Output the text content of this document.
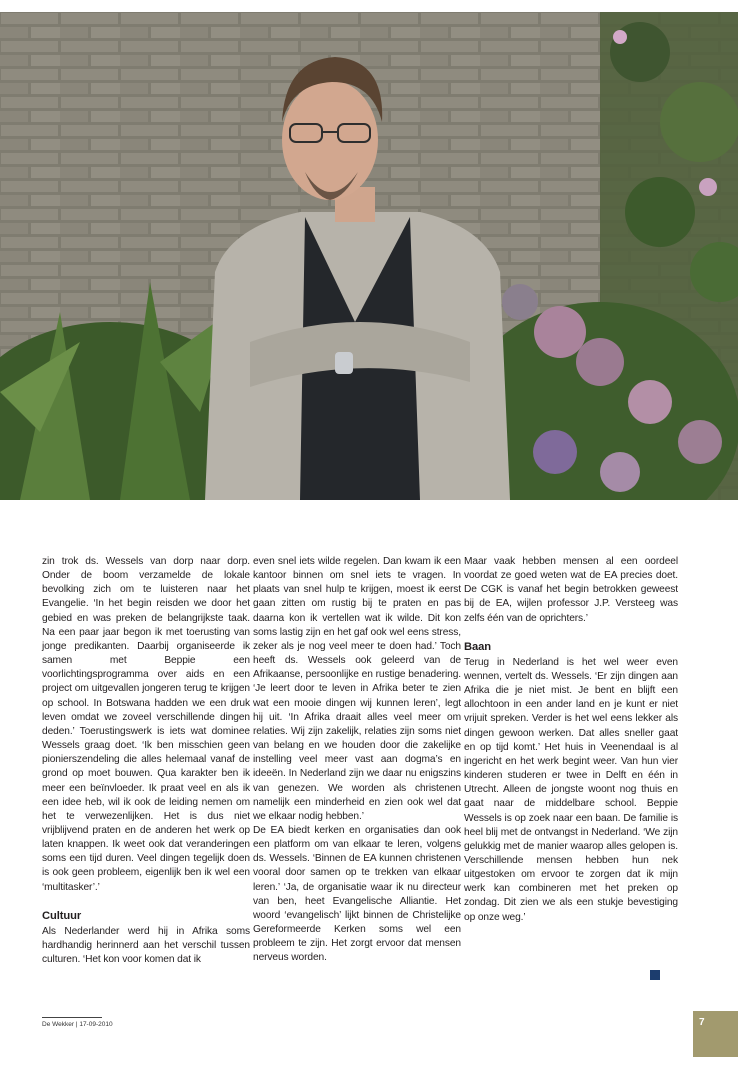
zin trok ds. Wessels van dorp naar dorp. Onder de boom verzamelde de lokale bevolking zich om te luisteren naar het Evangelie. ‘In het begin reisden we door het gebied en was preken de belangrijkste taak. Na een paar jaar begon ik met toerusting van jonge predikanten. Daarbij organiseerde ik samen met Beppie een voorlichtingsprogramma over aids en een project om uitgevallen jongeren terug te krijgen op school. In Botswana hadden we een druk leven omdat we zoveel verschillende dingen deden.’ Toerustingswerk is iets wat dominee Wessels graag doet. ‘Ik ben misschien geen pionierszendeling die alles helemaal vanaf de grond op moet bouwen. Qua karakter ben ik meer een beïnvloeder. Ik praat veel en als ik een idee heb, wil ik ook de leiding nemen om het te verwezenlijken. Het is dus niet vrijblijvend praten en de anderen het werk op laten knappen. Ik weet ook dat veranderingen soms een tijd duren. Veel dingen tegelijk doen is ook geen probleem, eigenlijk ben ik wel een ‘multitasker’.’

Cultuur

Als Nederlander werd hij in Afrika soms hardhandig herinnerd aan het verschil tussen culturen. ‘Het kon voor komen dat ik

even snel iets wilde regelen. Dan kwam ik een kantoor binnen om snel iets te vragen. In plaats van snel hulp te krijgen, moest ik eerst gaan zitten om rustig bij te praten en pas daarna kon ik vertellen wat ik wilde. Dit kon soms lastig zijn en het gaf ook wel eens stress, zeker als je nog veel meer te doen had.’ Toch heeft ds. Wessels ook geleerd van de Afrikaanse, persoonlijke en rustige benadering. ‘Je leert door te leven in Afrika beter te zien wat een mooie dingen wij kunnen leren’, legt hij uit. ‘In Afrika draait alles veel meer om relaties. Wij zijn zakelijk, relaties zijn soms niet van belang en we houden door die zakelijke instelling veel meer vast aan dogma’s en ideeën. In Nederland zijn we daar nu enigszins van genezen. We worden als christenen namelijk een minderheid en zien ook wel dat we elkaar nodig hebben.’

De EA biedt kerken en organisaties dan ook een platform om van elkaar te leren, volgens ds. Wessels. ‘Binnen de EA kunnen christenen vooral door samen op te trekken van elkaar leren.’ ‘Ja, de organisatie waar ik nu directeur van ben, heet Evangelische Alliantie. Het woord ‘evangelisch’ lijkt binnen de Christelijke Gereformeerde Kerken soms wel een probleem te zijn. Het zorgt ervoor dat mensen nerveus worden.

Maar vaak hebben mensen al een oordeel voordat ze goed weten wat de EA precies doet. De CGK is vanaf het begin betrokken geweest bij de EA, wijlen professor J.P. Versteeg was zelfs één van de oprichters.’

Baan

Terug in Nederland is het wel weer even wennen, vertelt ds. Wessels. ‘Er zijn dingen aan Afrika die je niet mist. Je bent en blijft een allochtoon in een ander land en je kunt er niet vrijuit spreken. Verder is het wel eens lekker als dingen gewoon werken. Dat alles sneller gaat en op tijd komt.’ Het huis in Veenendaal is al ingericht en het werk begint weer. Van hun vier kinderen studeren er twee in Delft en één in Utrecht. Alleen de jongste woont nog thuis en gaat naar de middelbare school. Beppie Wessels is op zoek naar een baan. De familie is heel blij met de ontvangst in Nederland. ‘We zijn gelukkig met de manier waarop alles gelopen is. Verschillende mensen hebben hun nek uitgestoken om ervoor te zorgen dat ik mijn werk kan combineren met het preken op zondag. Dit zien we als een stukje bevestiging op onze weg.’

De Wekker | 17-09-2010	7
